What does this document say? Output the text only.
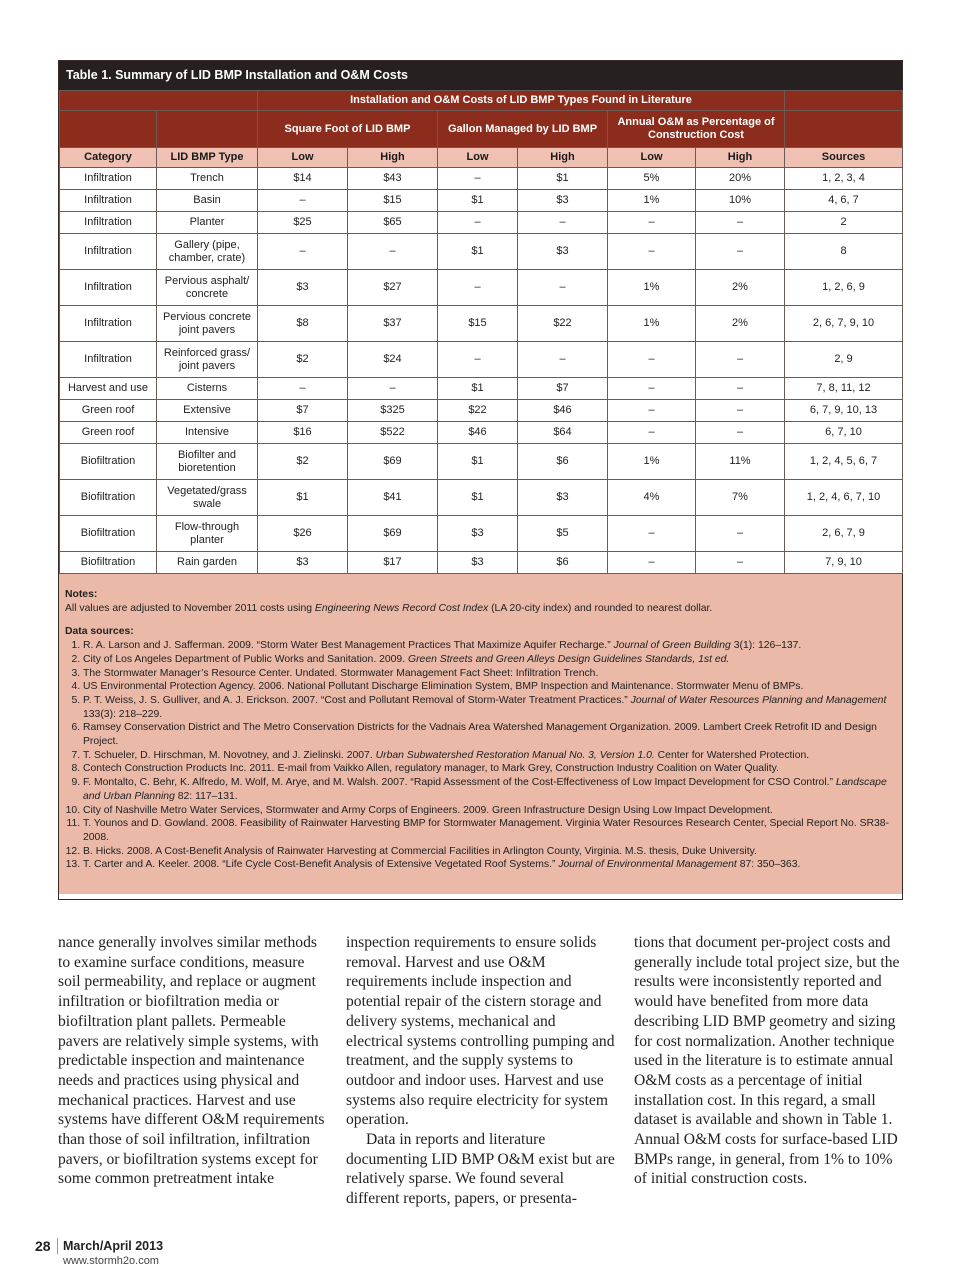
Table 1. Summary of LID BMP Installation and O&M Costs
		Installation and O&M Costs of LID BMP Types Found in Literature						
		Square Foot of LID BMP		Gallon Managed by LID BMP		Annual O&M as Percentage of Construction Cost		
Category	LID BMP Type	Low	High	Low	High	Low	High	Sources
Infiltration	Trench	$14	$43	–	$1	5%	20%	1, 2, 3, 4
Infiltration	Basin	–	$15	$1	$3	1%	10%	4, 6, 7
Infiltration	Planter	$25	$65	–	–	–	–	2
Infiltration	Gallery (pipe, chamber, crate)	–	–	$1	$3	–	–	8
Infiltration	Pervious asphalt/ concrete	$3	$27	–	–	1%	2%	1, 2, 6, 9
Infiltration	Pervious concrete joint pavers	$8	$37	$15	$22	1%	2%	2, 6, 7, 9, 10
Infiltration	Reinforced grass/ joint pavers	$2	$24	–	–	–	–	2, 9
Harvest and use	Cisterns	–	–	$1	$7	–	–	7, 8, 11, 12
Green roof	Extensive	$7	$325	$22	$46	–	–	6, 7, 9, 10, 13
Green roof	Intensive	$16	$522	$46	$64	–	–	6, 7, 10
Biofiltration	Biofilter and bioretention	$2	$69	$1	$6	1%	11%	1, 2, 4, 5, 6, 7
Biofiltration	Vegetated/grass swale	$1	$41	$1	$3	4%	7%	1, 2, 4, 6, 7, 10
Biofiltration	Flow-through planter	$26	$69	$3	$5	–	–	2, 6, 7, 9
Biofiltration	Rain garden	$3	$17	$3	$6	–	–	7, 9, 10
Notes:

All values are adjusted to November 2011 costs using Engineering News Record Cost Index (LA 20-city index) and rounded to nearest dollar.

Data sources:
1. R. A. Larson and J. Safferman. 2009. “Storm Water Best Management Practices That Maximize Aquifer Recharge.” Journal of Green Building 3(1): 126–137.
2. City of Los Angeles Department of Public Works and Sanitation. 2009. Green Streets and Green Alleys Design Guidelines Standards, 1st ed.
3. The Stormwater Manager’s Resource Center. Undated. Stormwater Management Fact Sheet: Infiltration Trench.
4. US Environmental Protection Agency. 2006. National Pollutant Discharge Elimination System, BMP Inspection and Maintenance. Stormwater Menu of BMPs.
5. P. T. Weiss, J. S. Gulliver, and A. J. Erickson. 2007. “Cost and Pollutant Removal of Storm-Water Treatment Practices.” Journal of Water Resources Planning and Management 133(3): 218–229.
6. Ramsey Conservation District and The Metro Conservation Districts for the Vadnais Area Watershed Management Organization. 2009. Lambert Creek Retrofit ID and Design Project.
7. T. Schueler, D. Hirschman, M. Novotney, and J. Zielinski. 2007. Urban Subwatershed Restoration Manual No. 3, Version 1.0. Center for Watershed Protection.
8. Contech Construction Products Inc. 2011. E-mail from Vaikko Allen, regulatory manager, to Mark Grey, Construction Industry Coalition on Water Quality.
9. F. Montalto, C. Behr, K. Alfredo, M. Wolf, M. Arye, and M. Walsh. 2007. “Rapid Assessment of the Cost-Effectiveness of Low Impact Development for CSO Control.” Landscape and Urban Planning 82: 117–131.
10. City of Nashville Metro Water Services, Stormwater and Army Corps of Engineers. 2009. Green Infrastructure Design Using Low Impact Development.
11. T. Younos and D. Gowland. 2008. Feasibility of Rainwater Harvesting BMP for Stormwater Management. Virginia Water Resources Research Center, Special Report No. SR38-2008.
12. B. Hicks. 2008. A Cost-Benefit Analysis of Rainwater Harvesting at Commercial Facilities in Arlington County, Virginia. M.S. thesis, Duke University.
13. T. Carter and A. Keeler. 2008. “Life Cycle Cost-Benefit Analysis of Extensive Vegetated Roof Systems.” Journal of Environmental Management 87: 350–363.

nance generally involves similar methods to examine surface conditions, measure soil permeability, and replace or augment infiltration or biofiltration media or biofiltration plant pallets. Permeable pavers are relatively simple systems, with predictable inspection and maintenance needs and practices using physical and mechanical practices. Harvest and use systems have different O&M requirements than those of soil infiltration, infiltration pavers, or biofiltration systems except for some common pretreatment intake

inspection requirements to ensure solids removal. Harvest and use O&M requirements include inspection and potential repair of the cistern storage and delivery systems, mechanical and electrical systems controlling pumping and treatment, and the supply systems to outdoor and indoor uses. Harvest and use systems also require electricity for system operation.

Data in reports and literature documenting LID BMP O&M exist but are relatively sparse. We found several different reports, papers, or presenta-

tions that document per-project costs and generally include total project size, but the results were inconsistently reported and would have benefited from more data describing LID BMP geometry and sizing for cost normalization. Another technique used in the literature is to estimate annual O&M costs as a percentage of initial installation cost. In this regard, a small dataset is available and shown in Table 1. Annual O&M costs for surface-based LID BMPs range, in general, from 1% to 10% of initial construction costs.

28 March/April 2013
www.stormh2o.com
